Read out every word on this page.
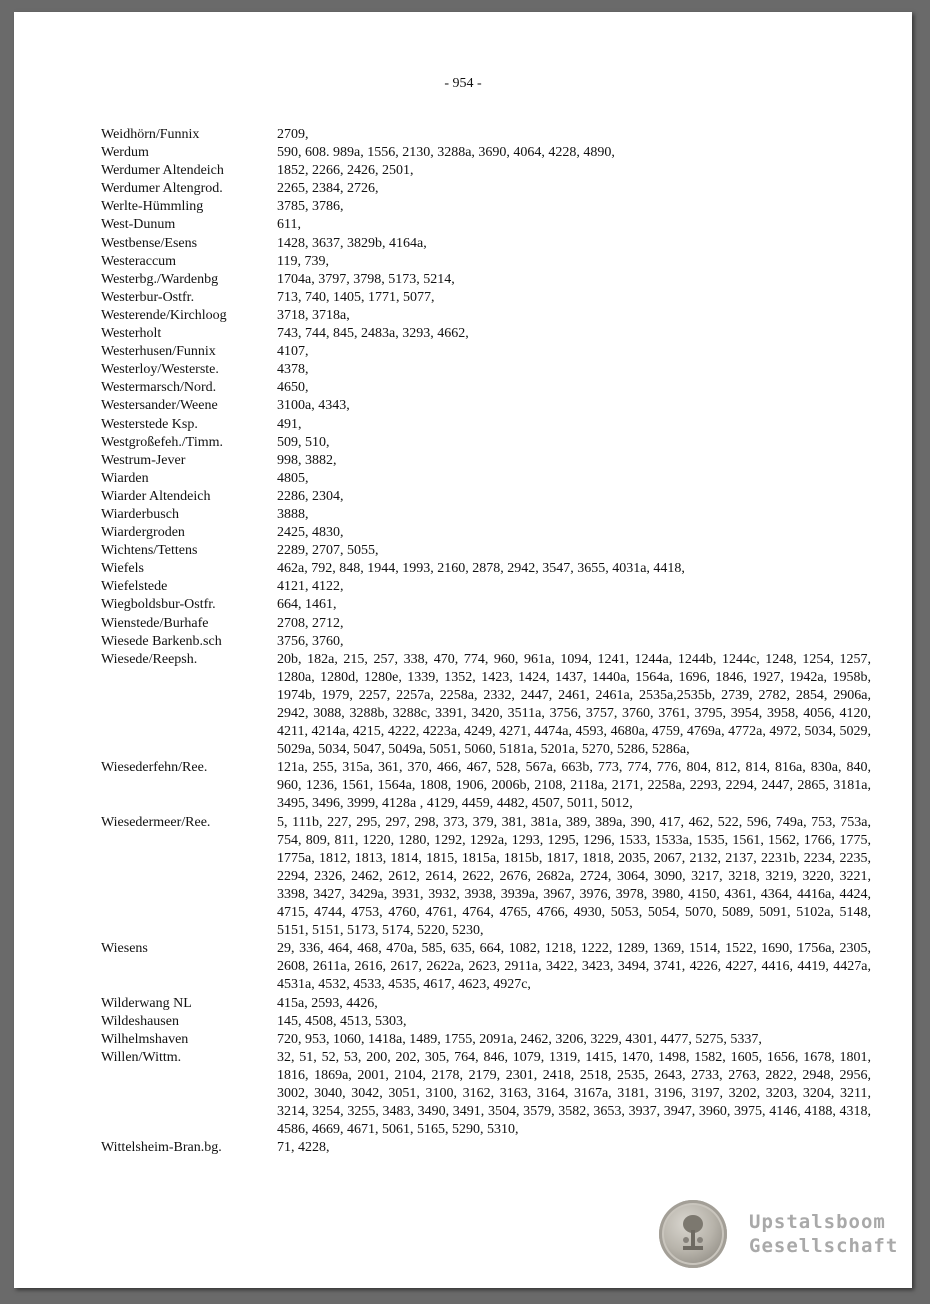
- 954 -
Weidhörn/Funnix	2709,
Werdum	590, 608. 989a, 1556, 2130, 3288a, 3690, 4064, 4228, 4890,
Werdumer Altendeich	1852, 2266, 2426, 2501,
Werdumer Altengrod.	2265, 2384, 2726,
Werlte-Hümmling	3785, 3786,
West-Dunum	611,
Westbense/Esens	1428, 3637, 3829b, 4164a,
Westeraccum	119, 739,
Westerbg./Wardenbg	1704a, 3797, 3798, 5173, 5214,
Westerbur-Ostfr.	713, 740, 1405, 1771, 5077,
Westerende/Kirchloog	3718, 3718a,
Westerholt	743, 744, 845, 2483a, 3293, 4662,
Westerhusen/Funnix	4107,
Westerloy/Westerste.	4378,
Westermarsch/Nord.	4650,
Westersander/Weene	3100a, 4343,
Westerstede Ksp.	491,
Westgroßefeh./Timm.	509, 510,
Westrum-Jever	998, 3882,
Wiarden	4805,
Wiarder Altendeich	2286, 2304,
Wiarderbusch	3888,
Wiardergroden	2425, 4830,
Wichtens/Tettens	2289, 2707, 5055,
Wiefels	462a, 792, 848, 1944, 1993, 2160, 2878, 2942, 3547, 3655, 4031a, 4418,
Wiefelstede	4121, 4122,
Wiegboldsbur-Ostfr.	664, 1461,
Wienstede/Burhafe	2708, 2712,
Wiesede Barkenb.sch	3756, 3760,
Wiesede/Reepsh.	20b, 182a, 215, 257, 338, 470, 774, 960, 961a, 1094, 1241, 1244a, 1244b, 1244c, 1248, 1254, 1257, 1280a, 1280d, 1280e, 1339, 1352, 1423, 1424, 1437, 1440a, 1564a, 1696, 1846, 1927, 1942a, 1958b, 1974b, 1979, 2257, 2257a, 2258a, 2332, 2447, 2461, 2461a, 2535a,2535b, 2739, 2782, 2854, 2906a, 2942, 3088, 3288b, 3288c, 3391, 3420, 3511a, 3756, 3757, 3760, 3761, 3795, 3954, 3958, 4056, 4120, 4211, 4214a, 4215, 4222, 4223a, 4249, 4271, 4474a, 4593, 4680a, 4759, 4769a, 4772a, 4972, 5034, 5029, 5029a, 5034, 5047, 5049a, 5051, 5060, 5181a, 5201a, 5270, 5286, 5286a,
Wiesederfehn/Ree.	121a, 255, 315a, 361, 370, 466, 467, 528, 567a, 663b, 773, 774, 776, 804, 812, 814, 816a, 830a, 840, 960, 1236, 1561, 1564a, 1808, 1906, 2006b, 2108, 2118a, 2171, 2258a, 2293, 2294, 2447, 2865, 3181a, 3495, 3496, 3999, 4128a , 4129, 4459, 4482, 4507, 5011, 5012,
Wiesedermeer/Ree.	5, 111b, 227, 295, 297, 298, 373, 379, 381, 381a, 389, 389a, 390, 417, 462, 522, 596, 749a, 753, 753a, 754, 809, 811, 1220, 1280, 1292, 1292a, 1293, 1295, 1296, 1533, 1533a, 1535, 1561, 1562, 1766, 1775, 1775a, 1812, 1813, 1814, 1815, 1815a, 1815b, 1817, 1818, 2035, 2067, 2132, 2137, 2231b, 2234, 2235, 2294, 2326, 2462, 2612, 2614, 2622, 2676, 2682a, 2724, 3064, 3090, 3217, 3218, 3219, 3220, 3221, 3398, 3427, 3429a, 3931, 3932, 3938, 3939a, 3967, 3976, 3978, 3980, 4150, 4361, 4364, 4416a, 4424, 4715, 4744, 4753, 4760, 4761, 4764, 4765, 4766, 4930, 5053, 5054, 5070, 5089, 5091, 5102a, 5148, 5151, 5151, 5173, 5174, 5220, 5230,
Wiesens	29, 336, 464, 468, 470a, 585, 635, 664, 1082, 1218, 1222, 1289, 1369, 1514, 1522, 1690, 1756a, 2305, 2608, 2611a, 2616, 2617, 2622a, 2623, 2911a, 3422, 3423, 3494, 3741, 4226, 4227, 4416, 4419, 4427a, 4531a, 4532, 4533, 4535, 4617, 4623, 4927c,
Wilderwang NL	415a, 2593, 4426,
Wildeshausen	145, 4508, 4513, 5303,
Wilhelmshaven	720, 953, 1060, 1418a, 1489, 1755, 2091a, 2462, 3206, 3229, 4301, 4477, 5275, 5337,
Willen/Wittm.	32, 51, 52, 53, 200, 202, 305, 764, 846, 1079, 1319, 1415, 1470, 1498, 1582, 1605, 1656, 1678, 1801, 1816, 1869a, 2001, 2104, 2178, 2179, 2301, 2418, 2518, 2535, 2643, 2733, 2763, 2822, 2948, 2956, 3002, 3040, 3042, 3051, 3100, 3162, 3163, 3164, 3167a, 3181, 3196, 3197, 3202, 3203, 3204, 3211, 3214, 3254, 3255, 3483, 3490, 3491, 3504, 3579, 3582, 3653, 3937, 3947, 3960, 3975, 4146, 4188, 4318, 4586, 4669, 4671, 5061, 5165, 5290, 5310,
Wittelsheim-Bran.bg.	71, 4228,
Upstalsboom
Gesellschaft
